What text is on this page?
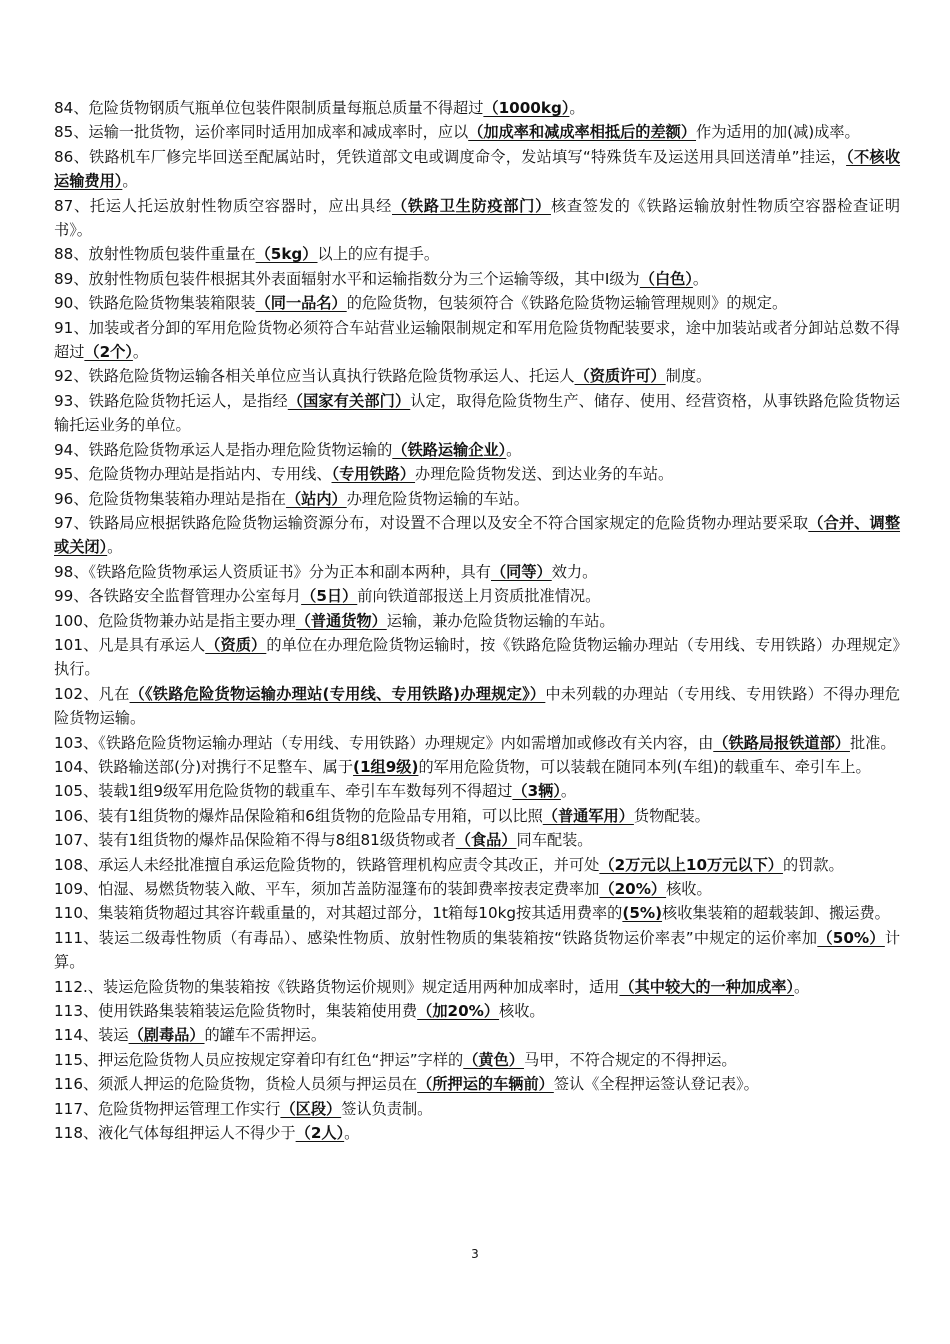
84、危险货物钢质气瓶单位包装件限制质量每瓶总质量不得超过（1000kg）。

85、运输一批货物，运价率同时适用加成率和减成率时，应以（加成率和减成率相抵后的差额）作为适用的加(减)成率。

86、铁路机车厂修完毕回送至配属站时，凭铁道部文电或调度命令，发站填写“特殊货车及运送用具回送清单”挂运，（不核收运输费用）。

87、托运人托运放射性物质空容器时，应出具经（铁路卫生防疫部门）核查签发的《铁路运输放射性物质空容器检查证明书》。

88、放射性物质包装件重量在（5kg）以上的应有提手。

89、放射性物质包装件根据其外表面辐射水平和运输指数分为三个运输等级，其中Ⅰ级为（白色）。

90、铁路危险货物集装箱限装（同一品名）的危险货物，包装须符合《铁路危险货物运输管理规则》的规定。

91、加装或者分卸的军用危险货物必须符合车站营业运输限制规定和军用危险货物配装要求，途中加装站或者分卸站总数不得超过（2个）。

92、铁路危险货物运输各相关单位应当认真执行铁路危险货物承运人、托运人（资质许可）制度。

93、铁路危险货物托运人，是指经（国家有关部门）认定，取得危险货物生产、储存、使用、经营资格，从事铁路危险货物运输托运业务的单位。

94、铁路危险货物承运人是指办理危险货物运输的（铁路运输企业）。

95、危险货物办理站是指站内、专用线、（专用铁路）办理危险货物发送、到达业务的车站。

96、危险货物集装箱办理站是指在（站内）办理危险货物运输的车站。

97、铁路局应根据铁路危险货物运输资源分布，对设置不合理以及安全不符合国家规定的危险货物办理站要采取（合并、调整或关闭）。

98、《铁路危险货物承运人资质证书》分为正本和副本两种，具有（同等）效力。

99、各铁路安全监督管理办公室每月（5日）前向铁道部报送上月资质批准情况。

100、危险货物兼办站是指主要办理（普通货物）运输，兼办危险货物运输的车站。

101、凡是具有承运人（资质）的单位在办理危险货物运输时，按《铁路危险货物运输办理站（专用线、专用铁路）办理规定》执行。

102、凡在（《铁路危险货物运输办理站(专用线、专用铁路)办理规定》）中未列载的办理站（专用线、专用铁路）不得办理危险货物运输。

103、《铁路危险货物运输办理站（专用线、专用铁路）办理规定》内如需增加或修改有关内容，由（铁路局报铁道部）批准。

104、铁路输送部(分)对携行不足整车、属于(1组9级)的军用危险货物，可以装载在随同本列(车组)的载重车、牵引车上。

105、装载1组9级军用危险货物的载重车、牵引车车数每列不得超过（3辆）。

106、装有1组货物的爆炸品保险箱和6组货物的危险品专用箱，可以比照（普通军用）货物配装。

107、装有1组货物的爆炸品保险箱不得与8组81级货物或者（食品）同车配装。

108、承运人未经批准擅自承运危险货物的，铁路管理机构应责令其改正，并可处（2万元以上10万元以下）的罚款。

109、怕湿、易燃货物装入敞、平车，须加苫盖防湿篷布的装卸费率按表定费率加（20%）核收。

110、集装箱货物超过其容许载重量的，对其超过部分，1t箱每10kg按其适用费率的(5%)核收集装箱的超载装卸、搬运费。

111、装运二级毒性物质（有毒品）、感染性物质、放射性物质的集装箱按“铁路货物运价率表”中规定的运价率加（50%）计算。

112.、装运危险货物的集装箱按《铁路货物运价规则》规定适用两种加成率时，适用（其中较大的一种加成率）。

113、使用铁路集装箱装运危险货物时，集装箱使用费（加20%）核收。

114、装运（剧毒品）的罐车不需押运。

115、押运危险货物人员应按规定穿着印有红色“押运”字样的（黄色）马甲，不符合规定的不得押运。

116、须派人押运的危险货物，货检人员须与押运员在（所押运的车辆前）签认《全程押运签认登记表》。

117、危险货物押运管理工作实行（区段）签认负责制。

118、液化气体每组押运人不得少于（2人）。

3
